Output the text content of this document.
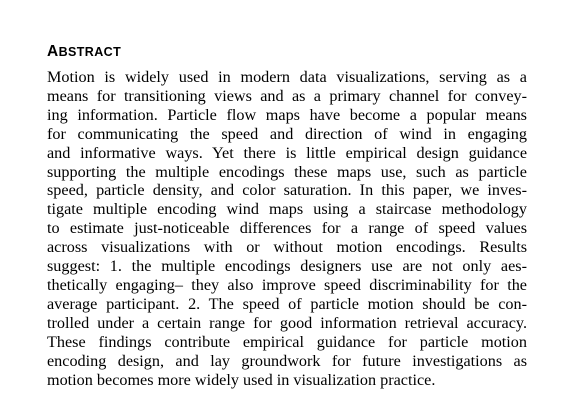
ABSTRACT
Motion is widely used in modern data visualizations, serving as a
means for transitioning views and as a primary channel for convey-
ing information. Particle flow maps have become a popular means
for communicating the speed and direction of wind in engaging
and informative ways. Yet there is little empirical design guidance
supporting the multiple encodings these maps use, such as particle
speed, particle density, and color saturation. In this paper, we inves-
tigate multiple encoding wind maps using a staircase methodology
to estimate just-noticeable differences for a range of speed values
across visualizations with or without motion encodings. Results
suggest: 1. the multiple encodings designers use are not only aes-
thetically engaging– they also improve speed discriminability for the
average participant. 2. The speed of particle motion should be con-
trolled under a certain range for good information retrieval accuracy.
These findings contribute empirical guidance for particle motion
encoding design, and lay groundwork for future investigations as
motion becomes more widely used in visualization practice.
